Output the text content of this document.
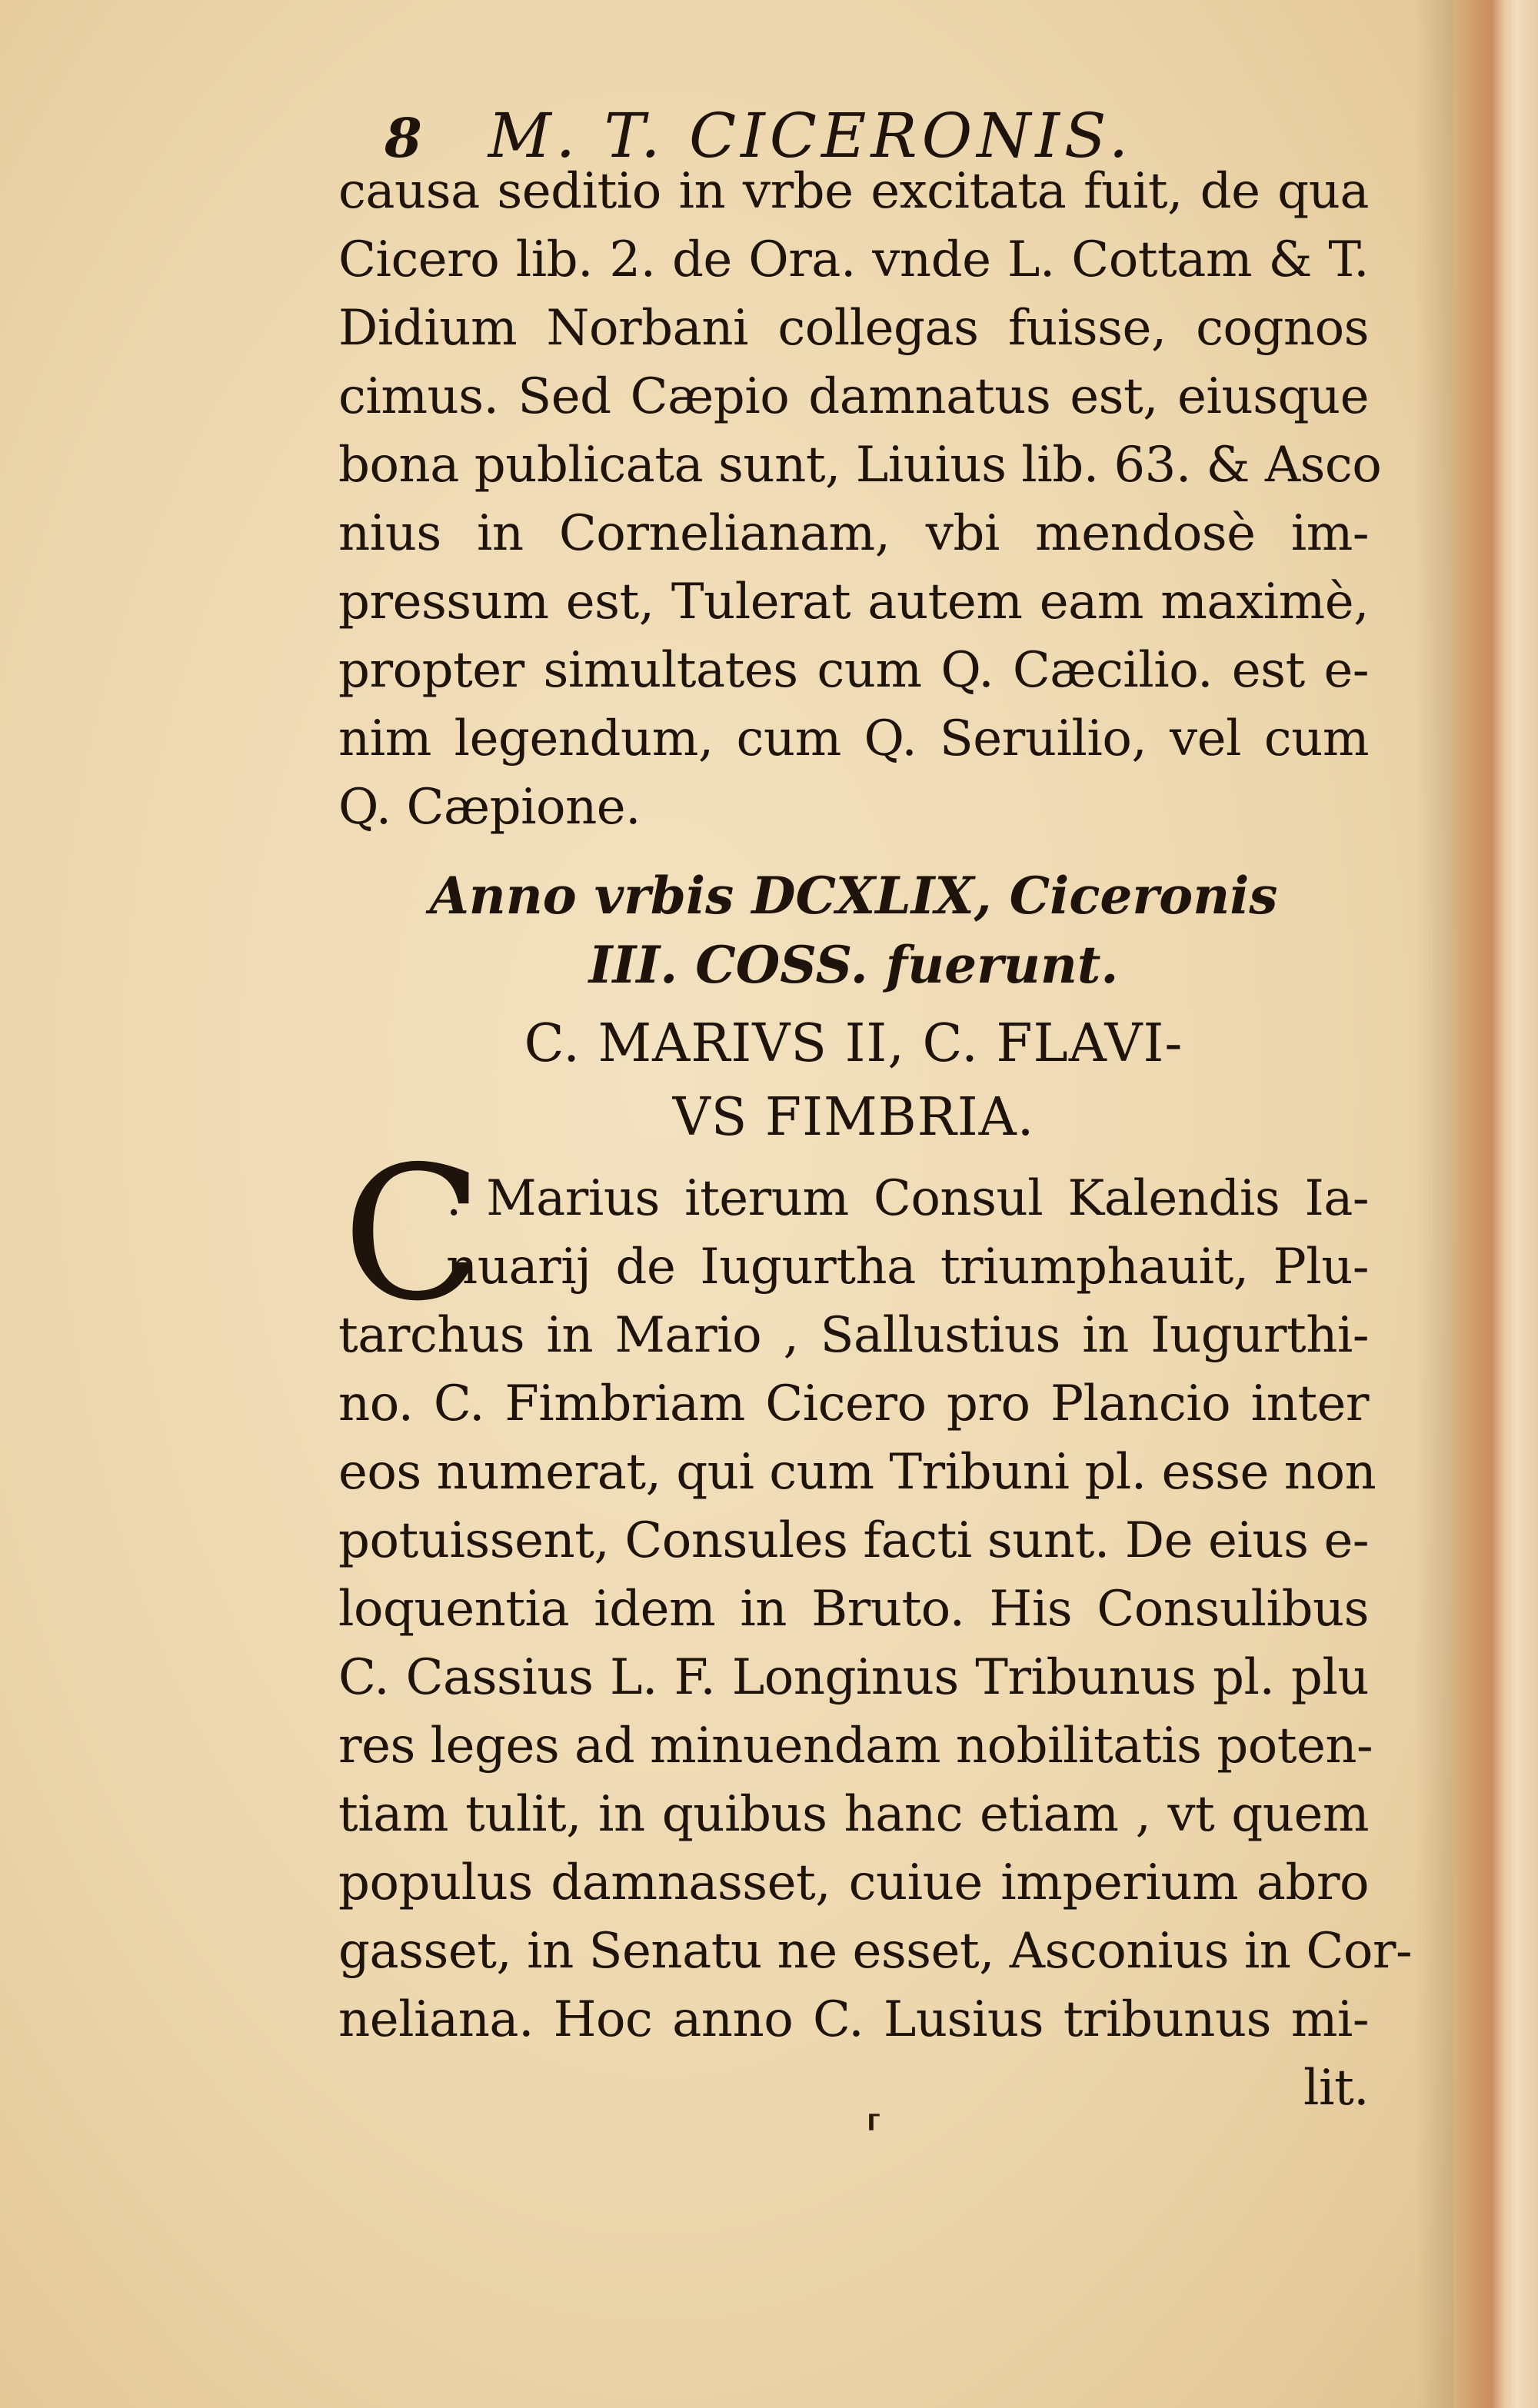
8 M. T. CICERONIS.
causa seditio in vrbe excitata fuit, de qua
Cicero lib. 2. de Ora. vnde L. Cottam & T.
Didium Norbani collegas fuisse, cognos
cimus. Sed Cæpio damnatus est, eiusque
bona publicata sunt, Liuius lib. 63. & Asco
nius in Cornelianam, vbi mendosè im-
pressum est, Tulerat autem eam maximè,
propter simultates cum Q. Cæcilio. est e-
nim legendum, cum Q. Seruilio, vel cum
Q. Cæpione.
Anno vrbis DCXLIX, Ciceronis
III. COSS. fuerunt.
C. MARIVS II, C. FLAVI-
VS FIMBRIA.
C
. Marius iterum Consul Kalendis Ia-
nuarij de Iugurtha triumphauit, Plu-
tarchus in Mario , Sallustius in Iugurthi-
no. C. Fimbriam Cicero pro Plancio inter
eos numerat, qui cum Tribuni pl. esse non
potuissent, Consules facti sunt. De eius e-
loquentia idem in Bruto. His Consulibus
C. Cassius L. F. Longinus Tribunus pl. plu
res leges ad minuendam nobilitatis poten-
tiam tulit, in quibus hanc etiam , vt quem
populus damnasset, cuiue imperium abro
gasset, in Senatu ne esset, Asconius in Cor-
neliana. Hoc anno C. Lusius tribunus mi-
lit.
⸢
